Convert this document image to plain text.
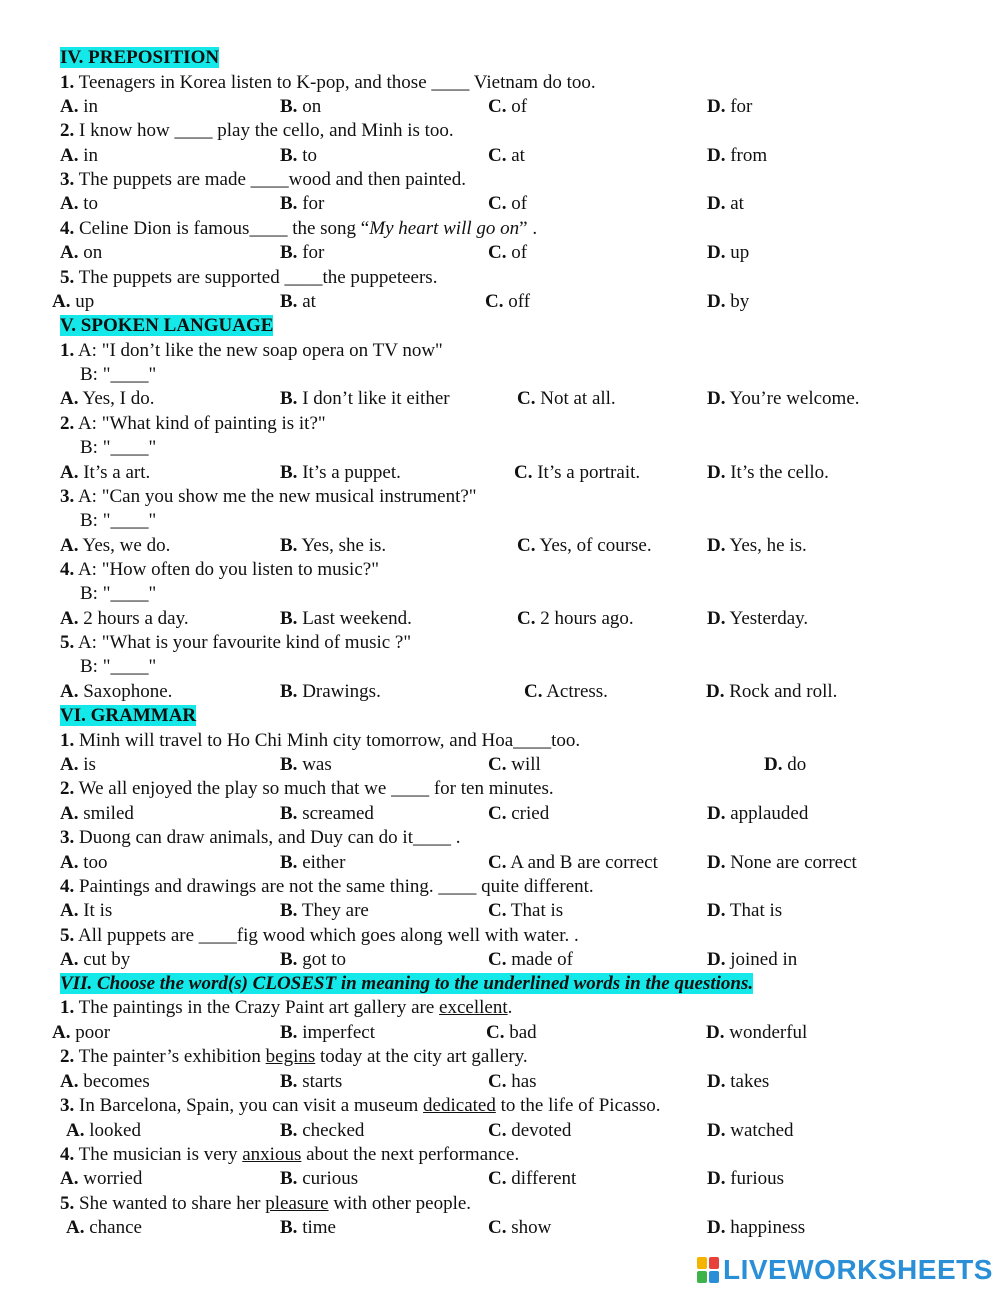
IV. PREPOSITION
1. Teenagers in Korea listen to K-pop, and those ____ Vietnam do too.
A. in	B. on	C. of	D. for
2. I know how ____ play the cello, and Minh is too.
A. in	B. to	C. at	D. from
3. The puppets are made ____wood and then painted.
A. to	B. for	C. of	D. at
4. Celine Dion is famous____ the song “My heart will go on” .
A. on	B. for	C. of	D. up
5. The puppets are supported ____the puppeteers.
A. up	B. at	C. off	D. by
V. SPOKEN LANGUAGE
1. A: "I don’t like the new soap opera on TV now"
B: "____"
A. Yes, I do.	B. I don’t like it either	C. Not at all.	D. You’re welcome.
2. A: "What kind of painting is it?"
B: "____"
A. It’s a art.	B. It’s a puppet.	C. It’s a portrait.	D. It’s the cello.
3. A: "Can you show me the new musical instrument?"
B: "____"
A. Yes, we do.	B. Yes, she is.	C. Yes, of course.	D. Yes, he is.
4. A: "How often do you listen to music?"
B: "____"
A. 2 hours a day.	B. Last weekend.	C. 2 hours ago.	D. Yesterday.
5. A: "What is your favourite kind of music ?"
B: "____"
A. Saxophone.	B. Drawings.	C. Actress.	D. Rock and roll.
VI. GRAMMAR
1. Minh will travel to Ho Chi Minh city tomorrow, and Hoa____too.
A. is	B. was	C. will	D. do
2. We all enjoyed the play so much that we ____ for ten minutes.
A. smiled	B. screamed	C. cried	D. applauded
3. Duong can draw animals, and Duy can do it____ .
A. too	B. either	C. A and B are correct	D. None are correct
4. Paintings and drawings are not the same thing. ____ quite different.
A. It is	B. They are	C. That is	D. That is
5. All puppets are ____fig wood which goes along well with water. .
A. cut by	B. got to	C. made of	D. joined in
VII. Choose the word(s) CLOSEST in meaning to the underlined words in the questions.
1. The paintings in the Crazy Paint art gallery are excellent.
A. poor	B. imperfect	C. bad	D. wonderful
2. The painter’s exhibition begins today at the city art gallery.
A. becomes	B. starts	C. has	D. takes
3. In Barcelona, Spain, you can visit a museum dedicated to the life of Picasso.
A. looked	B. checked	C. devoted	D. watched
4. The musician is very anxious about the next performance.
A. worried	B. curious	C. different	D. furious
5. She wanted to share her pleasure with other people.
A. chance	B. time	C. show	D. happiness
LIVEWORKSHEETS
